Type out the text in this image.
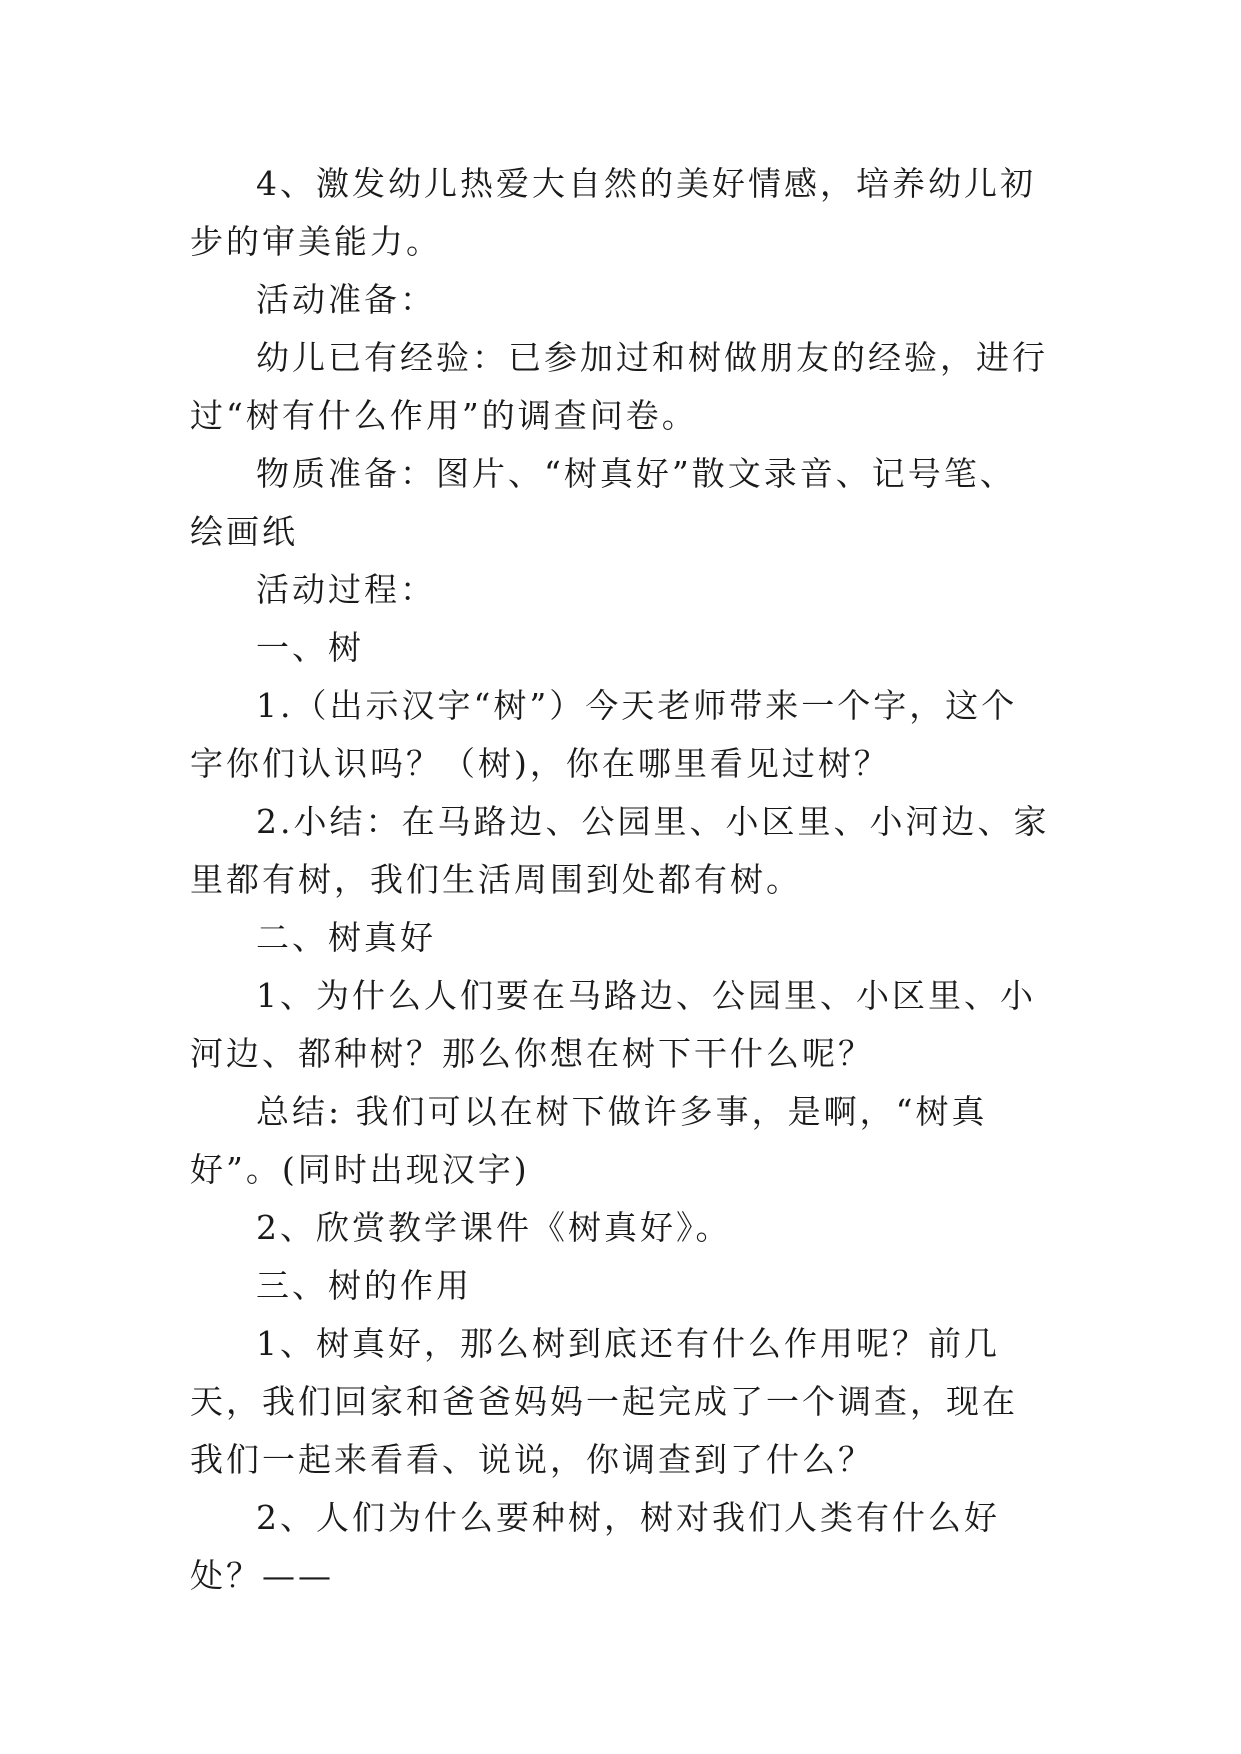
4、激发幼儿热爱大自然的美好情感，培养幼儿初步的审美能力。

活动准备：

幼儿已有经验：已参加过和树做朋友的经验，进行过“树有什么作用”的调查问卷。

物质准备：图片、“树真好”散文录音、记号笔、绘画纸

活动过程：

一、树

1.（出示汉字“树”）今天老师带来一个字，这个字你们认识吗？（树)，你在哪里看见过树？

2.小结：在马路边、公园里、小区里、小河边、家里都有树，我们生活周围到处都有树。

二、树真好

1、为什么人们要在马路边、公园里、小区里、小河边、都种树？那么你想在树下干什么呢？

总结: 我们可以在树下做许多事，是啊，“树真好”。(同时出现汉字)

2、欣赏教学课件《树真好》。

三、树的作用

1、树真好，那么树到底还有什么作用呢？前几天，我们回家和爸爸妈妈一起完成了一个调查，现在我们一起来看看、说说，你调查到了什么？

2、人们为什么要种树，树对我们人类有什么好处？——
